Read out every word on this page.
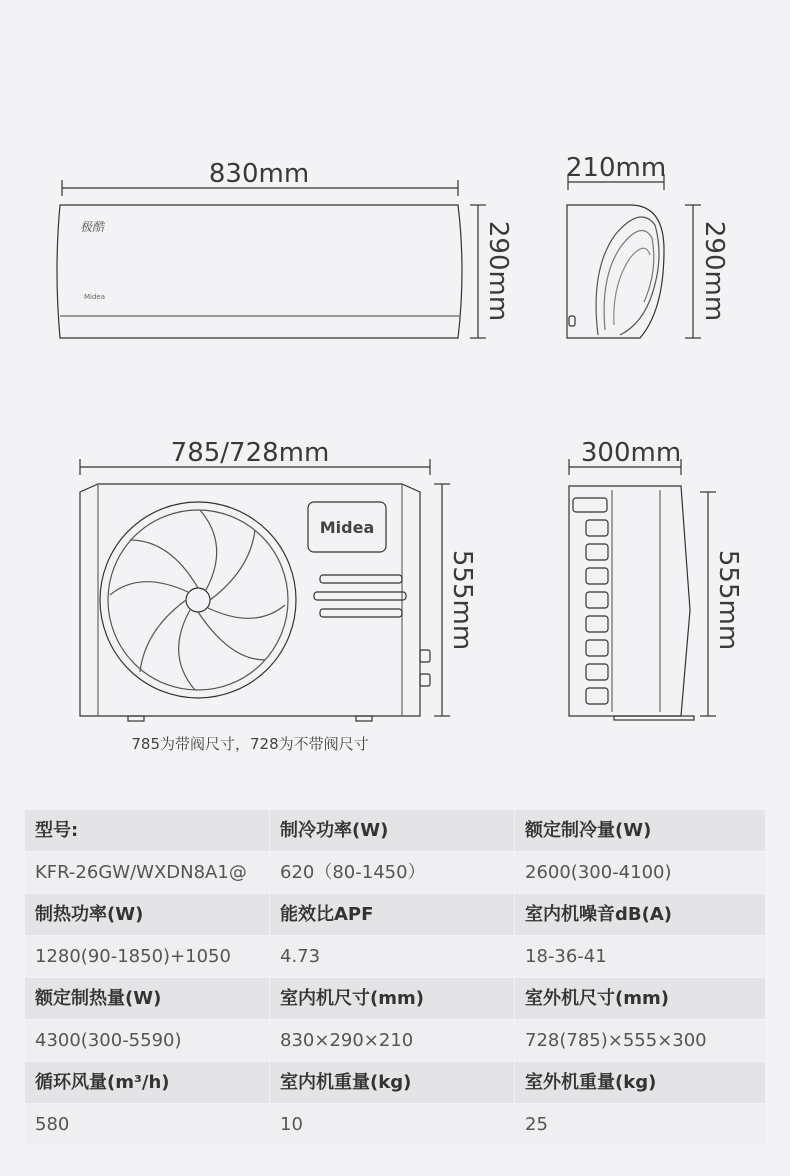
830mm
290mm
210mm
290mm
785/728mm
555mm
300mm
555mm
极酷
Midea
Midea
785为带阀尺寸，728为不带阀尺寸
型号:	制冷功率(W)	额定制冷量(W)
KFR-26GW/WXDN8A1@	620（80-1450）	2600(300-4100)
制热功率(W)	能效比APF	室内机噪音dB(A)
1280(90-1850)+1050	4.73	18-36-41
额定制热量(W)	室内机尺寸(mm)	室外机尺寸(mm)
4300(300-5590)	830×290×210	728(785)×555×300
循环风量(m³/h)	室内机重量(kg)	室外机重量(kg)
580	10	25
